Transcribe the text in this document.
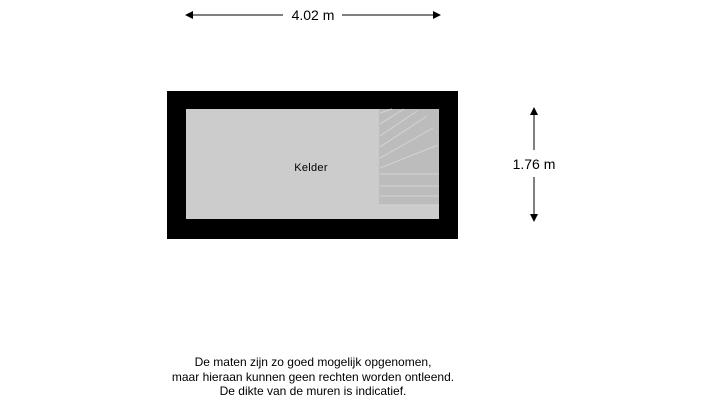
4.02 m
1.76 m
Kelder
De maten zijn zo goed mogelijk opgenomen,
maar hieraan kunnen geen rechten worden ontleend.
De dikte van de muren is indicatief.
